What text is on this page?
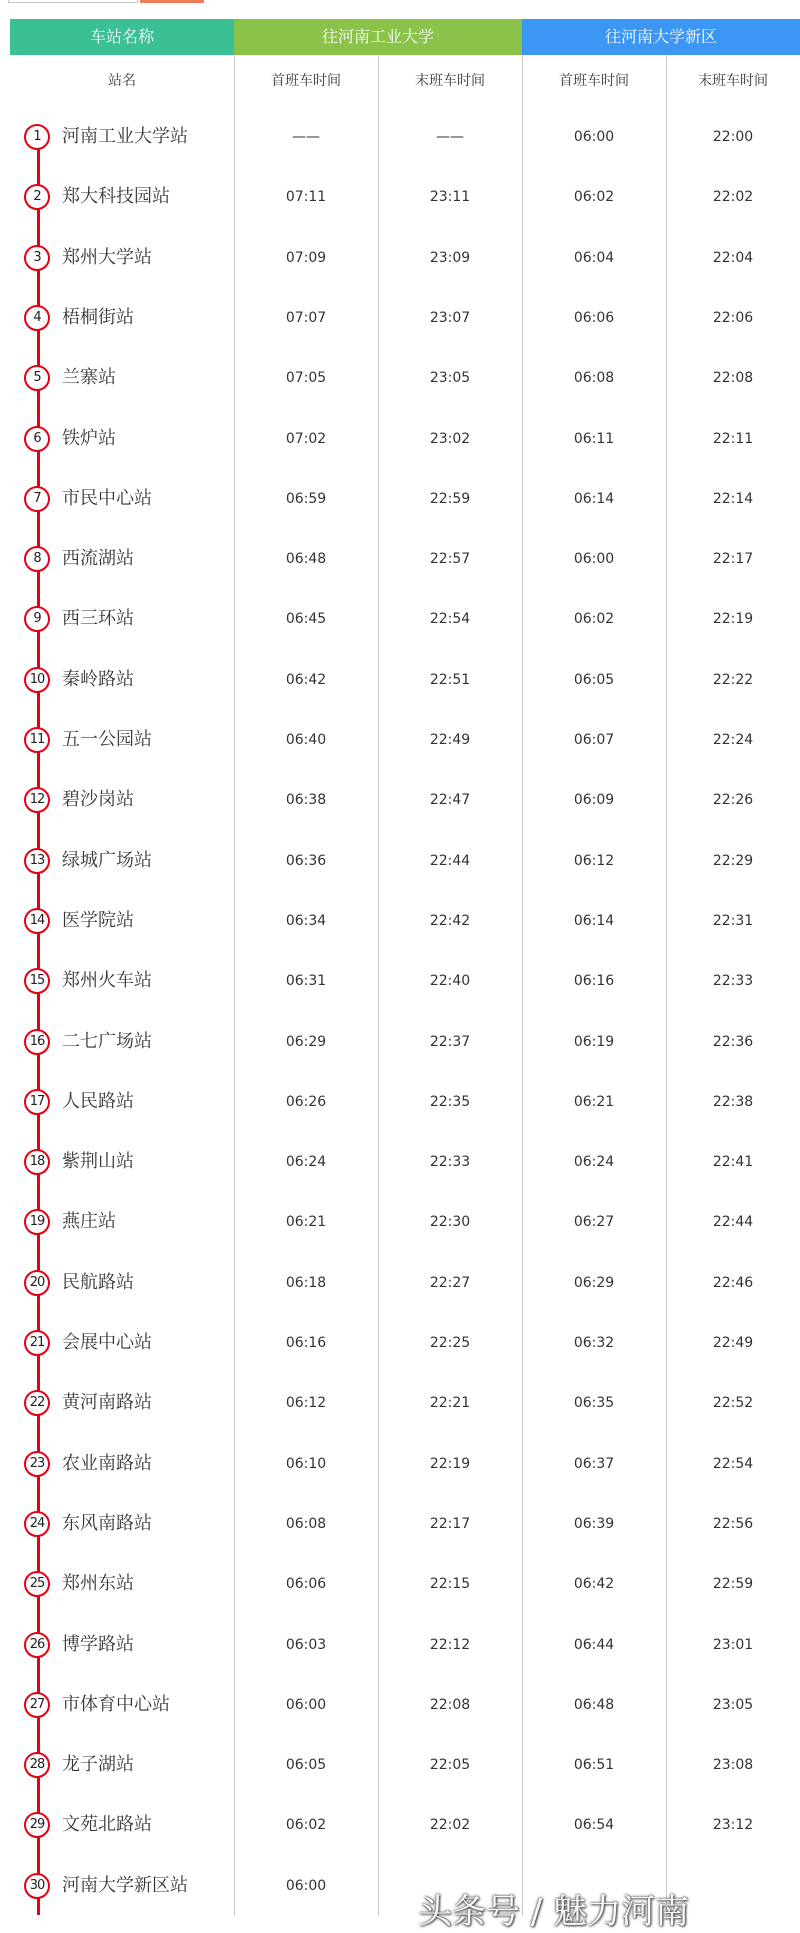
车站名称	往河南工业大学	往河南大学新区
站名	首班车时间	末班车时间	首班车时间	末班车时间
1	河南工业大学站	——	——	06:00	22:00
2	郑大科技园站	07:11	23:11	06:02	22:02
3	郑州大学站	07:09	23:09	06:04	22:04
4	梧桐街站	07:07	23:07	06:06	22:06
5	兰寨站	07:05	23:05	06:08	22:08
6	铁炉站	07:02	23:02	06:11	22:11
7	市民中心站	06:59	22:59	06:14	22:14
8	西流湖站	06:48	22:57	06:00	22:17
9	西三环站	06:45	22:54	06:02	22:19
10 秦岭路站	06:42	22:51	06:05	22:22
11 五一公园站	06:40	22:49	06:07	22:24
12 碧沙岗站	06:38	22:47	06:09	22:26
13 绿城广场站	06:36	22:44	06:12	22:29
14 医学院站	06:34	22:42	06:14	22:31
15 郑州火车站	06:31	22:40	06:16	22:33
16 二七广场站	06:29	22:37	06:19	22:36
17 人民路站	06:26	22:35	06:21	22:38
18 紫荆山站	06:24	22:33	06:24	22:41
19 燕庄站	06:21	22:30	06:27	22:44
20 民航路站	06:18	22:27	06:29	22:46
21 会展中心站	06:16	22:25	06:32	22:49
22 黄河南路站	06:12	22:21	06:35	22:52
23 农业南路站	06:10	22:19	06:37	22:54
24 东风南路站	06:08	22:17	06:39	22:56
25 郑州东站	06:06	22:15	06:42	22:59
26 博学路站	06:03	22:12	06:44	23:01
27 市体育中心站	06:00	22:08	06:48	23:05
28 龙子湖站	06:05	22:05	06:51	23:08
29 文苑北路站	06:02	22:02	06:54	23:12
30 河南大学新区站	06:00
头条号 / 魅力河南
